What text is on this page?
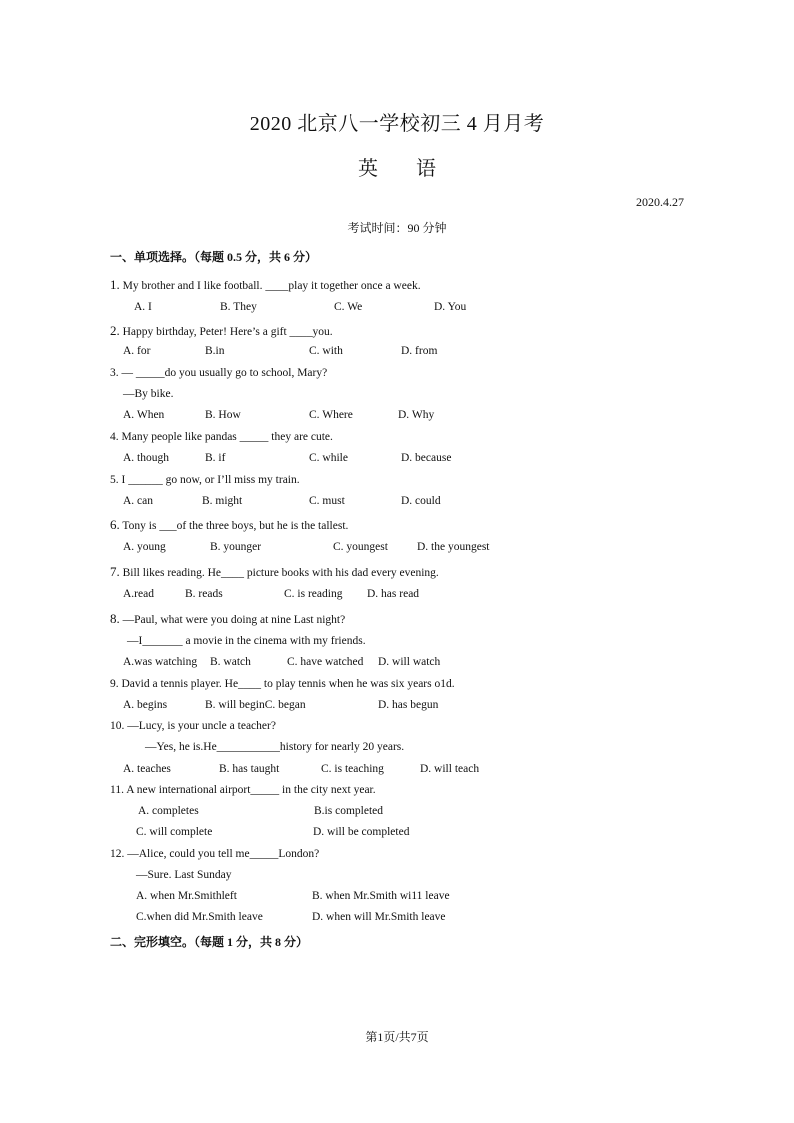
2020 北京八一学校初三 4 月月考
英语
2020.4.27
考试时间：90 分钟
一、单项选择。（每题 0.5 分，共 6 分）
1. My brother and I like football. ____play it together once a week.
A. I	B. They	C. We	D. You
2. Happy birthday, Peter! Here’s a gift ____you.
A. for	B.in	C. with	D. from
3. — _____do you usually go to school, Mary?
—By bike.
A. When	B. How	C. Where	D. Why
4. Many people like pandas _____ they are cute.
A. though	B. if	C. while	D. because
5. I ______ go now, or I’ll miss my train.
A. can	B. might	C. must	D. could
6. Tony is ___of the three boys, but he is the tallest.
A. young	B. younger	C. youngest	D. the youngest
7. Bill likes reading. He____ picture books with his dad every evening.
A.read	B. reads	C. is reading D. has read
8. —Paul, what were you doing at nine Last night?
—I_______ a movie in the cinema with my friends.
A.was watching B. watch	C. have watched D. will watch
9. David a tennis player. He____ to play tennis when he was six years o1d.
A. begins	B. will beginC. began	D. has begun
10. —Lucy, is your uncle a teacher?
—Yes, he is.He___________history for nearly 20 years.
A. teaches	B. has taught	C. is teaching	D. will teach
11. A new international airport_____ in the city next year.
A. completes	B.is completed
C. will complete	D. will be completed
12. —Alice, could you tell me_____London?
—Sure. Last Sunday
A. when Mr.Smithleft	B. when Mr.Smith wi11 leave
C.when did Mr.Smith leave	D. when will Mr.Smith leave
二、完形填空。（每题 1 分，共 8 分）
第1页/共7页
